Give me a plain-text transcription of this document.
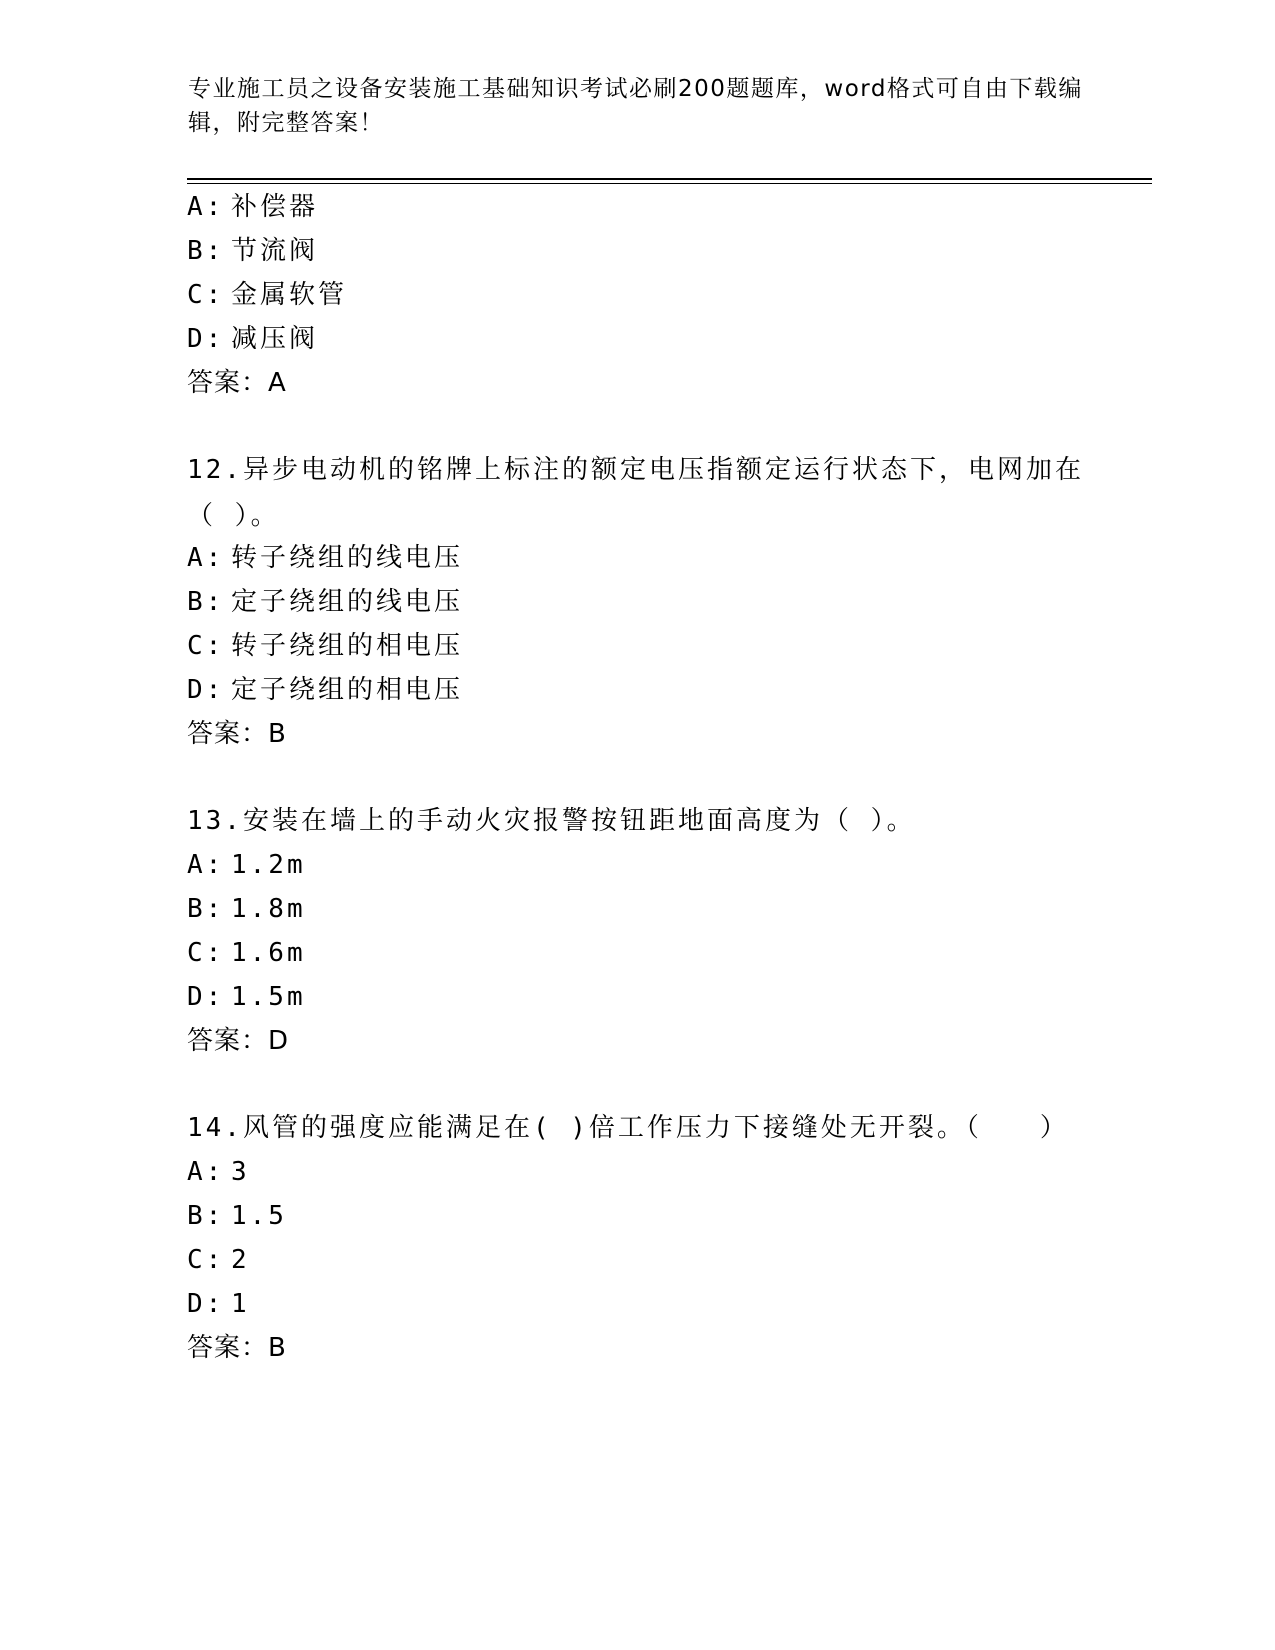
专业施工员之设备安装施工基础知识考试必刷200题题库，word格式可自由下载编辑，附完整答案！
A: 补偿器
B: 节流阀
C: 金属软管
D: 减压阀
答案：A
12.异步电动机的铭牌上标注的额定电压指额定运行状态下，电网加在（ ）。
A: 转子绕组的线电压
B: 定子绕组的线电压
C: 转子绕组的相电压
D: 定子绕组的相电压
答案：B
13.安装在墙上的手动火灾报警按钮距地面高度为（ ）。
A: 1.2m
B: 1.8m
C: 1.6m
D: 1.5m
答案：D
14.风管的强度应能满足在( )倍工作压力下接缝处无开裂。（　　）
A: 3
B: 1.5
C: 2
D: 1
答案：B
